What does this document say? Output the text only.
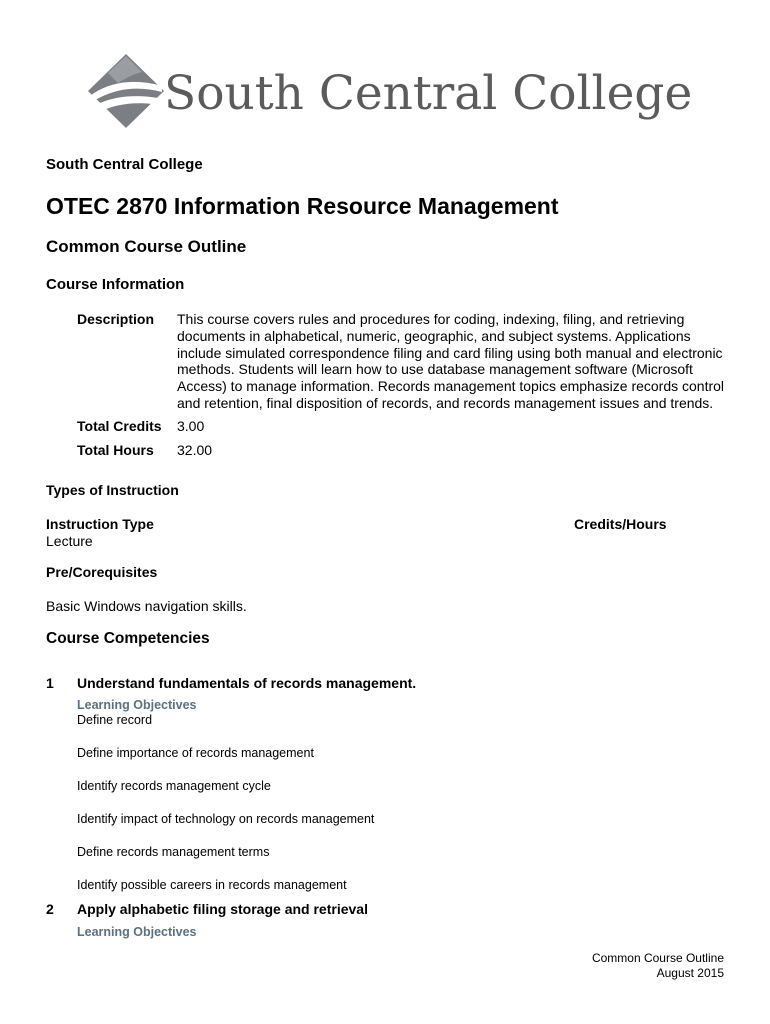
South Central College
South Central College
OTEC 2870 Information Resource Management
Common Course Outline
Course Information
Description This course covers rules and procedures for coding, indexing, filing, and retrieving
documents in alphabetical, numeric, geographic, and subject systems. Applications
include simulated correspondence filing and card filing using both manual and electronic
methods. Students will learn how to use database management software (Microsoft
Access) to manage information. Records management topics emphasize records control
and retention, final disposition of records, and records management issues and trends.
Total Credits 3.00
Total Hours 32.00
Types of Instruction
Instruction Type	Credits/Hours
Lecture
Pre/Corequisites
Basic Windows navigation skills.
Course Competencies
1 Understand fundamentals of records management.
Learning Objectives
Define record
Define importance of records management
Identify records management cycle
Identify impact of technology on records management
Define records management terms
Identify possible careers in records management
2 Apply alphabetic filing storage and retrieval
Learning Objectives
Common Course Outline
August 2015
